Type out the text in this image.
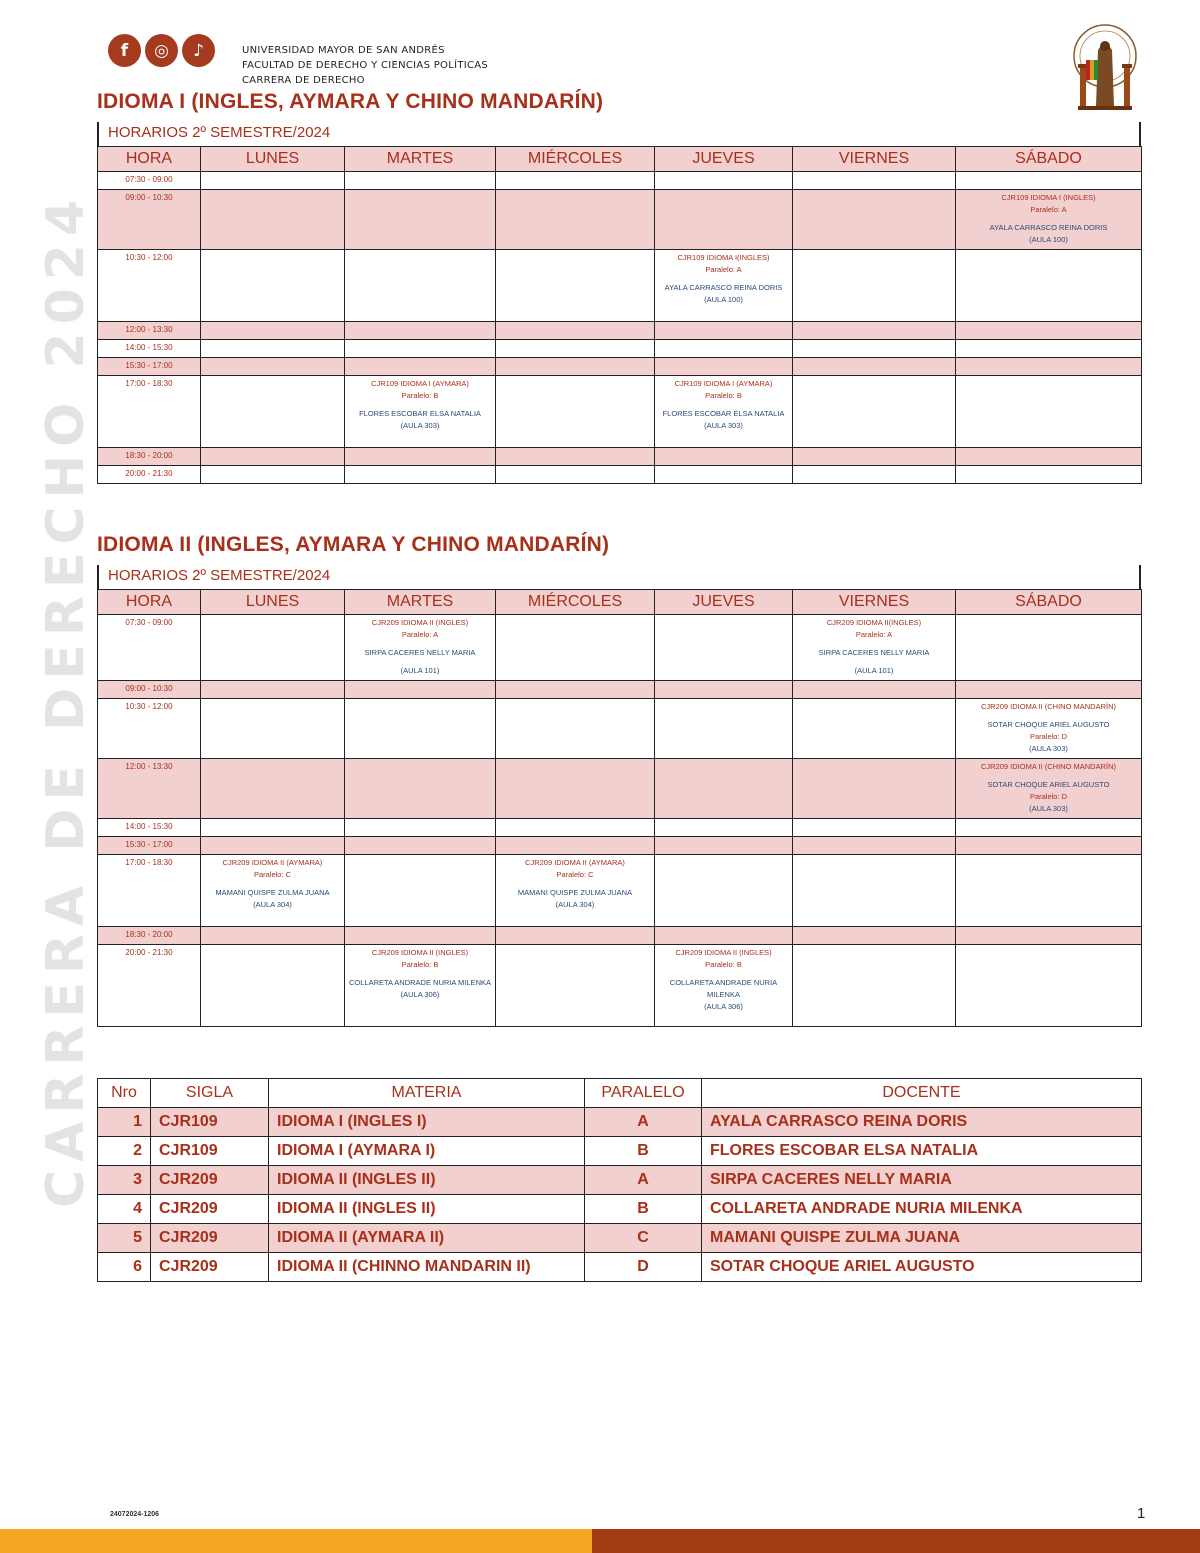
f	◎	♪	UNIVERSIDAD MAYOR DE SAN ANDRÉS
FACULTAD DE DERECHO Y CIENCIAS POLÍTICAS
CARRERA DE DERECHO
CARRERA DE DERECHO 2024
IDIOMA I (INGLES, AYMARA Y CHINO MANDARÍN)
HORARIOS 2º SEMESTRE/2024
HORA	LUNES	MARTES	MIÉRCOLES	JUEVES	VIERNES	SÁBADO

07:30 - 09:00						

09:00 - 10:30						CJR109 IDIOMA I (INGLES)
Paralelo: A
AYALA CARRASCO REINA DORIS
(AULA 100)

10:30 - 12:00				CJR109 IDIOMA I(INGLES)
Paralelo: A
AYALA CARRASCO REINA DORIS
(AULA 100)		

12:00 - 13:30						

14:00 - 15:30						

15:30 - 17:00						

17:00 - 18:30		CJR109 IDIOMA I (AYMARA)
Paralelo: B
FLORES ESCOBAR ELSA NATALIA
(AULA 303)		CJR109 IDIOMA I (AYMARA)
Paralelo: B
FLORES ESCOBAR ELSA NATALIA
(AULA 303)		

18:30 - 20:00						

20:00 - 21:30						

IDIOMA II (INGLES, AYMARA Y CHINO MANDARÍN)
HORARIOS 2º SEMESTRE/2024
HORA	LUNES	MARTES	MIÉRCOLES	JUEVES	VIERNES	SÁBADO

07:30 - 09:00		CJR209 IDIOMA II (INGLES)
Paralelo: A
SIRPA CACERES NELLY MARIA
(AULA 101)			CJR209 IDIOMA II(INGLES)
Paralelo: A
SIRPA CACERES NELLY MARIA
(AULA 101)	

09:00 - 10:30						

10:30 - 12:00						CJR209 IDIOMA II (CHINO MANDARÍN)
SOTAR CHOQUE ARIEL AUGUSTO
Paralelo: D
(AULA 303)

12:00 - 13:30						CJR209 IDIOMA II (CHINO MANDARÍN)
SOTAR CHOQUE ARIEL AUGUSTO
Paralelo: D
(AULA 303)

14:00 - 15:30						

15:30 - 17:00						

17:00 - 18:30	CJR209 IDIOMA II (AYMARA)
Paralelo: C
MAMANI QUISPE ZULMA JUANA
(AULA 304)		CJR209 IDIOMA II (AYMARA)
Paralelo: C
MAMANI QUISPE ZULMA JUANA
(AULA 304)			

18:30 - 20:00						

20:00 - 21:30		CJR209 IDIOMA II (INGLES)
Paralelo: B
COLLARETA ANDRADE NURIA MILENKA
(AULA 306)		CJR209 IDIOMA II (INGLES)
Paralelo: B
COLLARETA ANDRADE NURIA MILENKA
(AULA 306)		

Nro	SIGLA	MATERIA	PARALELO	DOCENTE
1	CJR109	IDIOMA I (INGLES I)	A	AYALA CARRASCO REINA DORIS
2	CJR109	IDIOMA I (AYMARA I)	B	FLORES ESCOBAR ELSA NATALIA
3	CJR209	IDIOMA II (INGLES II)	A	SIRPA CACERES NELLY MARIA
4	CJR209	IDIOMA II (INGLES II)	B	COLLARETA ANDRADE NURIA MILENKA
5	CJR209	IDIOMA II (AYMARA II)	C	MAMANI QUISPE ZULMA JUANA
6	CJR209	IDIOMA II (CHINNO MANDARIN II)	D	SOTAR CHOQUE ARIEL AUGUSTO
24072024-1206	1
